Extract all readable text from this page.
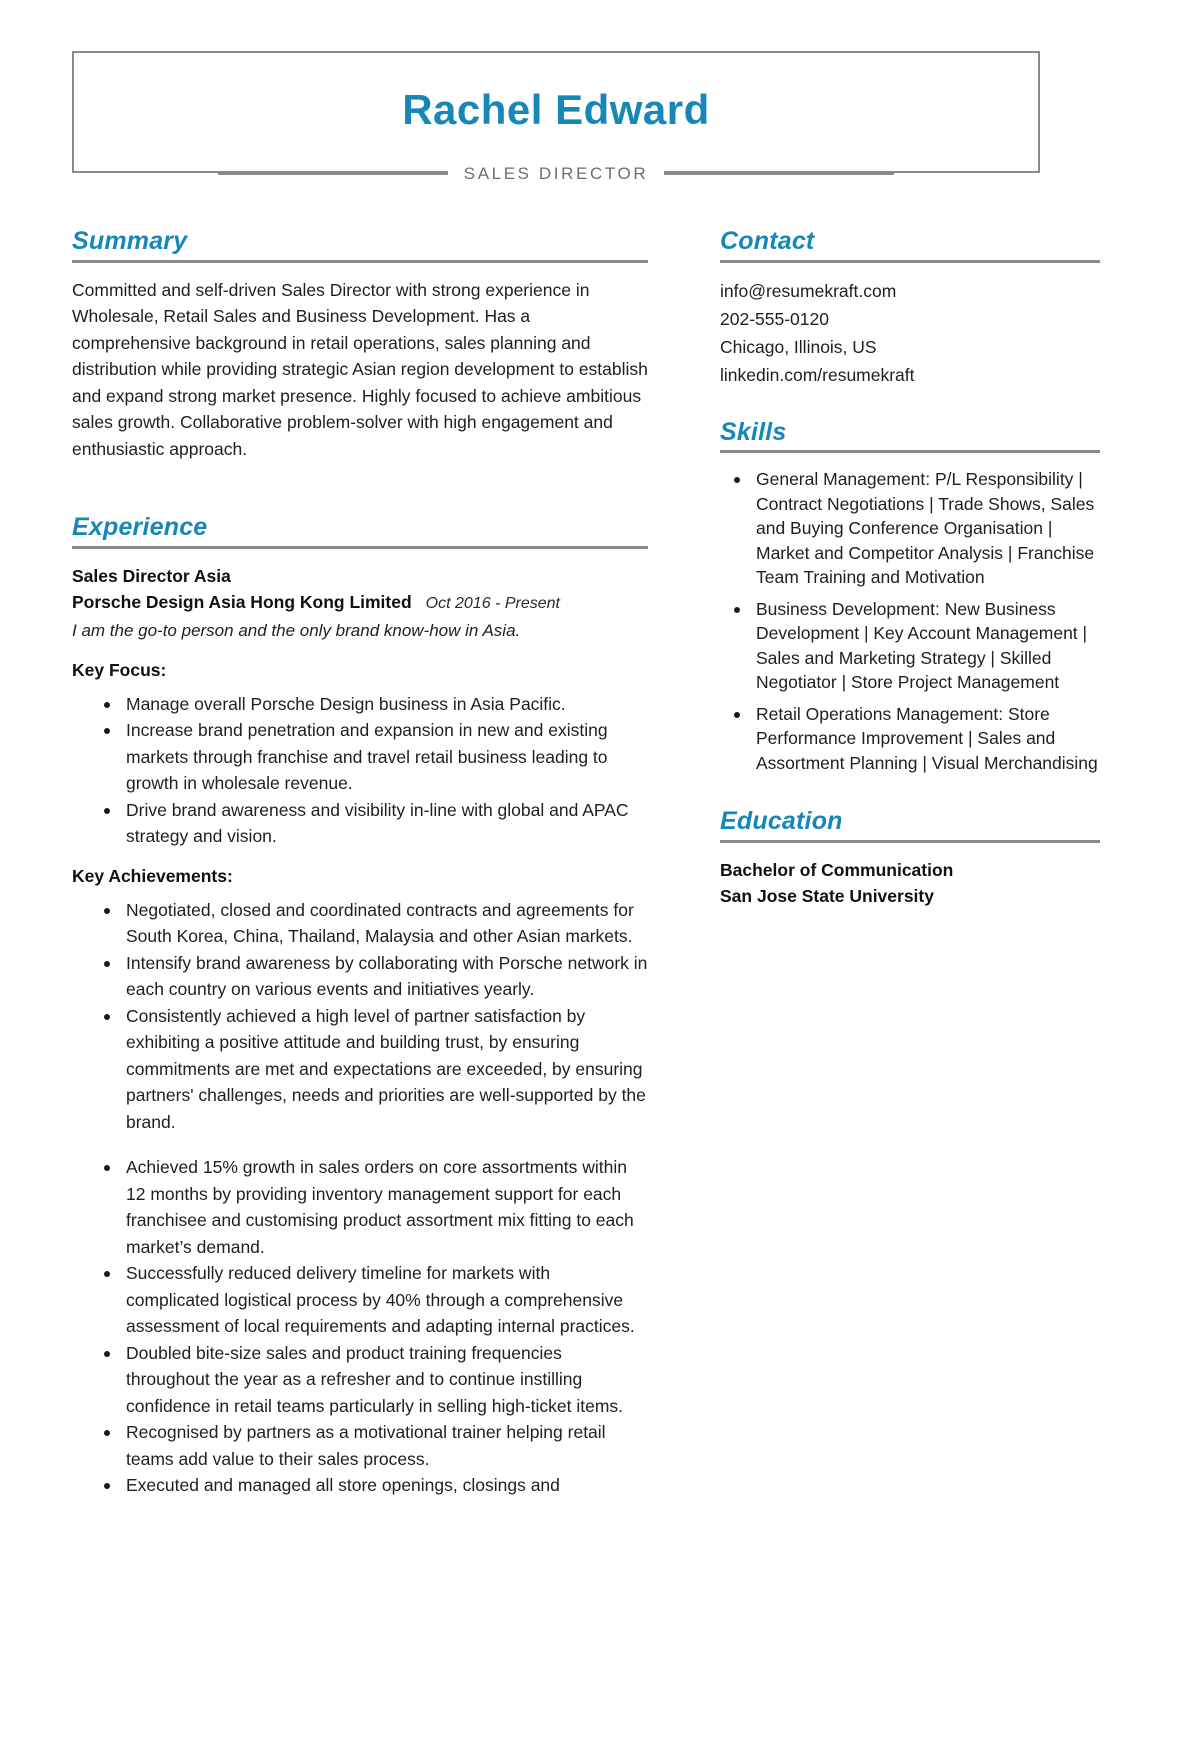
Rachel Edward
SALES DIRECTOR
Summary

Committed and self-driven Sales Director with strong experience in Wholesale, Retail Sales and Business Development. Has a comprehensive background in retail operations, sales planning and distribution while providing strategic Asian region development to establish and expand strong market presence. Highly focused to achieve ambitious sales growth. Collaborative problem-solver with high engagement and enthusiastic approach.

Experience
Sales Director Asia
Porsche Design Asia Hong Kong Limited Oct 2016 - Present
I am the go-to person and the only brand know-how in Asia.
Key Focus:
Manage overall Porsche Design business in Asia Pacific.
Increase brand penetration and expansion in new and existing markets through franchise and travel retail business leading to growth in wholesale revenue.
Drive brand awareness and visibility in-line with global and APAC strategy and vision.
Key Achievements:
Negotiated, closed and coordinated contracts and agreements for South Korea, China, Thailand, Malaysia and other Asian markets.
Intensify brand awareness by collaborating with Porsche network in each country on various events and initiatives yearly.
Consistently achieved a high level of partner satisfaction by exhibiting a positive attitude and building trust, by ensuring commitments are met and expectations are exceeded, by ensuring partners' challenges, needs and priorities are well-supported by the brand.
Achieved 15% growth in sales orders on core assortments within 12 months by providing inventory management support for each franchisee and customising product assortment mix fitting to each market’s demand.
Successfully reduced delivery timeline for markets with complicated logistical process by 40% through a comprehensive assessment of local requirements and adapting internal practices.
Doubled bite-size sales and product training frequencies throughout the year as a refresher and to continue instilling confidence in retail teams particularly in selling high-ticket items.
Recognised by partners as a motivational trainer helping retail teams add value to their sales process.
Executed and managed all store openings, closings and
Contact
info@resumekraft.com
202-555-0120
Chicago, Illinois, US
linkedin.com/resumekraft
Skills
General Management: P/L Responsibility | Contract Negotiations | Trade Shows, Sales and Buying Conference Organisation | Market and Competitor Analysis | Franchise Team Training and Motivation
Business Development: New Business Development | Key Account Management | Sales and Marketing Strategy | Skilled Negotiator | Store Project Management
Retail Operations Management: Store Performance Improvement | Sales and Assortment Planning | Visual Merchandising
Education
Bachelor of Communication
San Jose State University
